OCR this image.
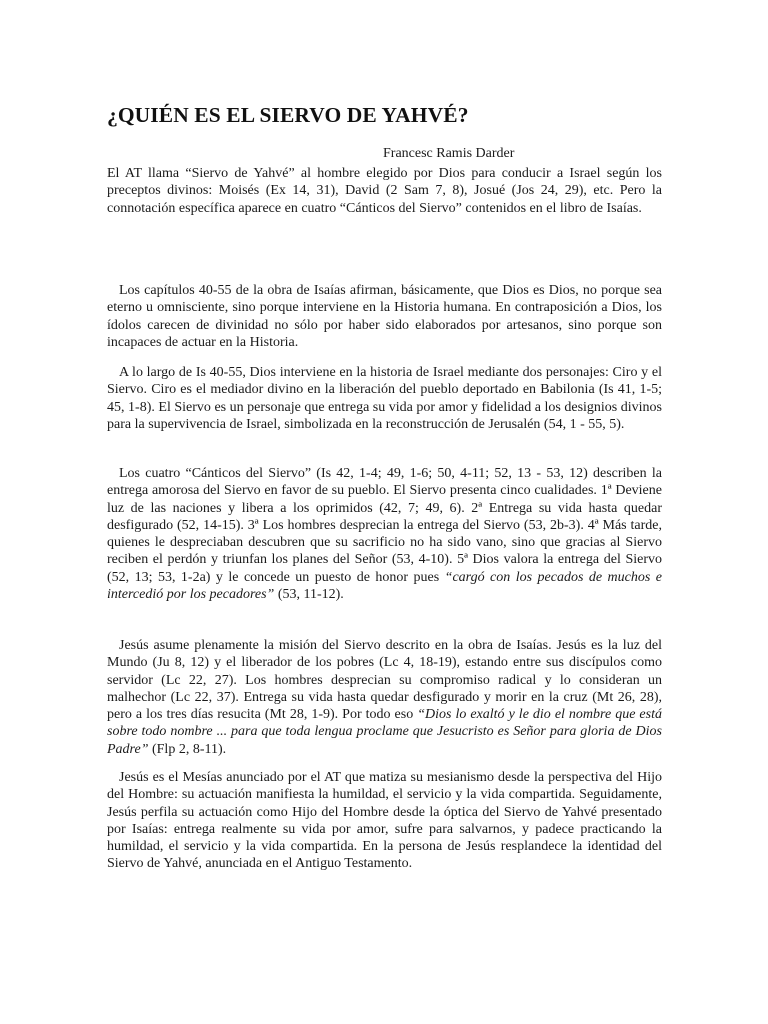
¿QUIÉN ES EL SIERVO DE YAHVÉ?

Francesc Ramis Darder

El AT llama “Siervo de Yahvé” al hombre elegido por Dios para conducir a Israel según los preceptos divinos: Moisés (Ex 14, 31), David (2 Sam 7, 8), Josué (Jos 24, 29), etc. Pero la connotación específica aparece en cuatro “Cánticos del Siervo” contenidos en el libro de Isaías.

Los capítulos 40-55 de la obra de Isaías afirman, básicamente, que Dios es Dios, no porque sea eterno u omnisciente, sino porque interviene en la Historia humana. En contraposición a Dios, los ídolos carecen de divinidad no sólo por haber sido elaborados por artesanos, sino porque son incapaces de actuar en la Historia.

A lo largo de Is 40-55, Dios interviene en la historia de Israel mediante dos personajes: Ciro y el Siervo. Ciro es el mediador divino en la liberación del pueblo deportado en Babilonia (Is 41, 1-5; 45, 1-8). El Siervo es un personaje que entrega su vida por amor y fidelidad a los designios divinos para la supervivencia de Israel, simbolizada en la reconstrucción de Jerusalén (54, 1 - 55, 5).

Los cuatro “Cánticos del Siervo” (Is 42, 1-4; 49, 1-6; 50, 4-11; 52, 13 - 53, 12) describen la entrega amorosa del Siervo en favor de su pueblo. El Siervo presenta cinco cualidades. 1ª Deviene luz de las naciones y libera a los oprimidos (42, 7; 49, 6). 2ª Entrega su vida hasta quedar desfigurado (52, 14-15). 3ª Los hombres desprecian la entrega del Siervo (53, 2b-3). 4ª Más tarde, quienes le despreciaban descubren que su sacrificio no ha sido vano, sino que gracias al Siervo reciben el perdón y triunfan los planes del Señor (53, 4-10). 5ª Dios valora la entrega del Siervo (52, 13; 53, 1-2a) y le concede un puesto de honor pues “cargó con los pecados de muchos e intercedió por los pecadores” (53, 11-12).

Jesús asume plenamente la misión del Siervo descrito en la obra de Isaías. Jesús es la luz del Mundo (Ju 8, 12) y el liberador de los pobres (Lc 4, 18-19), estando entre sus discípulos como servidor (Lc 22, 27). Los hombres desprecian su compromiso radical y lo consideran un malhechor (Lc 22, 37). Entrega su vida hasta quedar desfigurado y morir en la cruz (Mt 26, 28), pero a los tres días resucita (Mt 28, 1-9). Por todo eso “Dios lo exaltó y le dio el nombre que está sobre todo nombre ... para que toda lengua proclame que Jesucristo es Señor para gloria de Dios Padre” (Flp 2, 8-11).

Jesús es el Mesías anunciado por el AT que matiza su mesianismo desde la perspectiva del Hijo del Hombre: su actuación manifiesta la humildad, el servicio y la vida compartida. Seguidamente, Jesús perfila su actuación como Hijo del Hombre desde la óptica del Siervo de Yahvé presentado por Isaías: entrega realmente su vida por amor, sufre para salvarnos, y padece practicando la humildad, el servicio y la vida compartida. En la persona de Jesús resplandece la identidad del Siervo de Yahvé, anunciada en el Antiguo Testamento.
